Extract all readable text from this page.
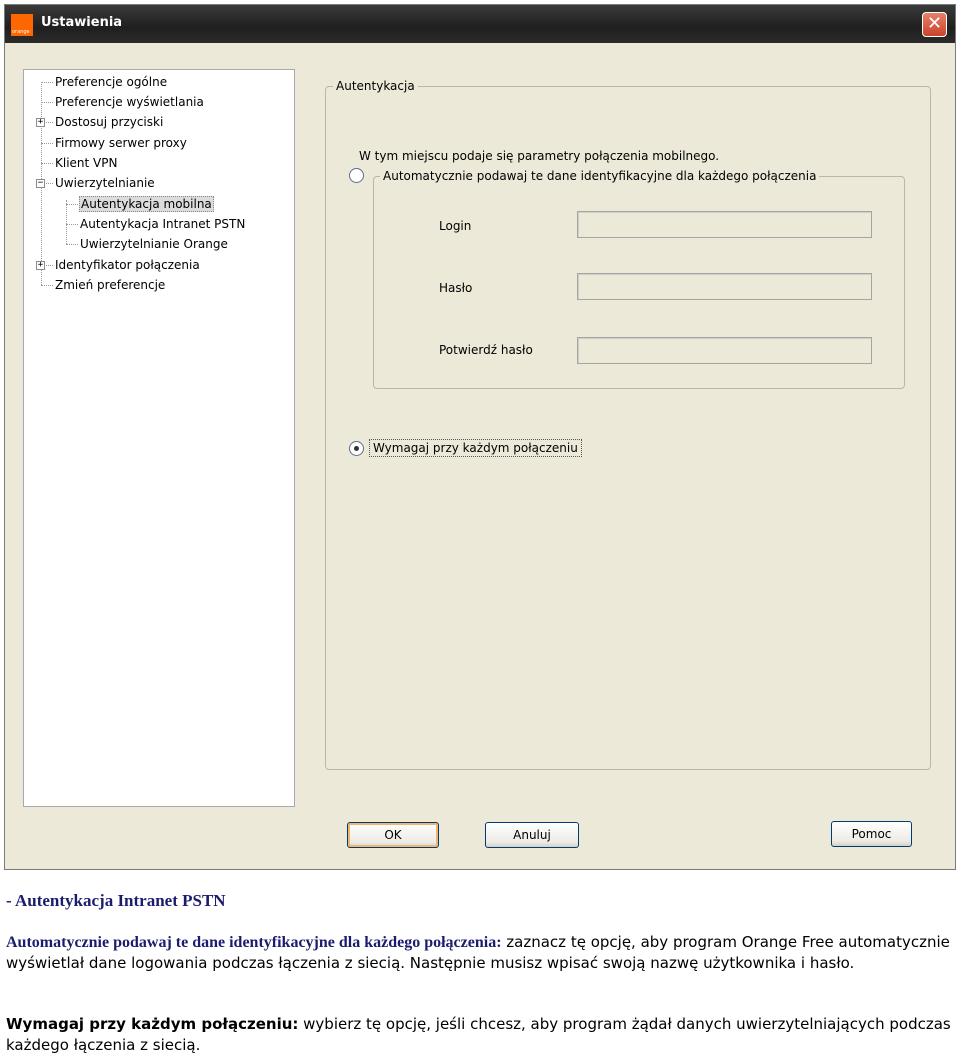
orange
Ustawienia	✕
Preferencje ogólne
Preferencje wyświetlania
+ Dostosuj przyciski
Firmowy serwer proxy
Klient VPN
− Uwierzytelnianie
Autentykacja mobilna
Autentykacja Intranet PSTN
Uwierzytelnianie Orange
+ Identyfikator połączenia
Zmień preferencje
Autentykacja
W tym miejscu podaje się parametry połączenia mobilnego.
Automatycznie podawaj te dane identyfikacyjne dla każdego połączenia
Login
Hasło
Potwierdź hasło
Wymagaj przy każdym połączeniu
OK	Anuluj	Pomoc
- Autentykacja Intranet PSTN
Automatycznie podawaj te dane identyfikacyjne dla każdego połączenia: zaznacz tę opcję, aby program Orange Free automatycznie wyświetlał dane logowania podczas łączenia z siecią. Następnie musisz wpisać swoją nazwę użytkownika i hasło.
Wymagaj przy każdym połączeniu: wybierz tę opcję, jeśli chcesz, aby program żądał danych uwierzytelniających podczas każdego łączenia z siecią.
